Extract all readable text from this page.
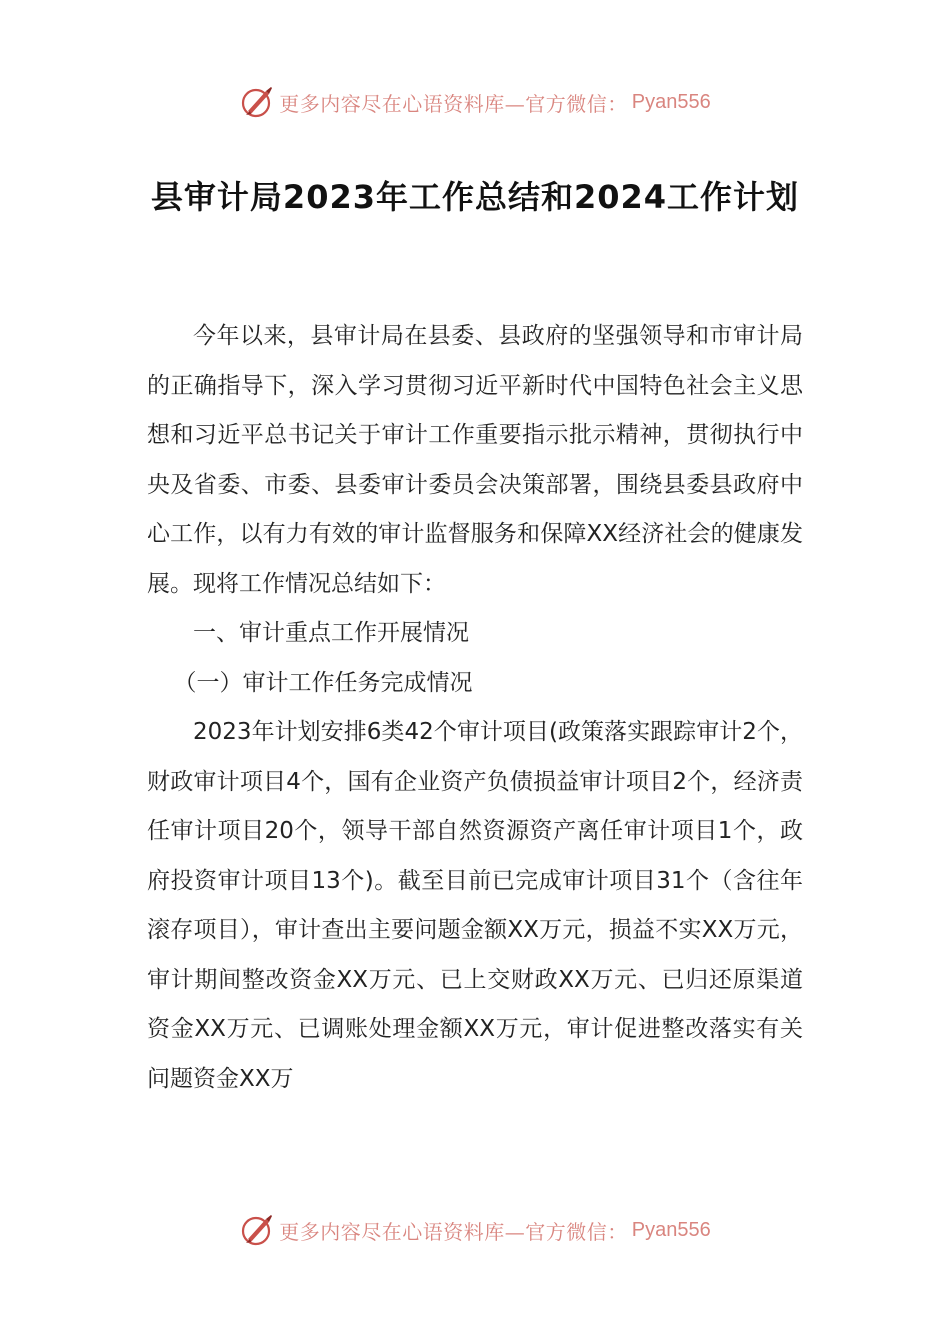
更多内容尽在心语资料库—官方微信： Pyan556
县审计局2023年工作总结和2024工作计划

今年以来，县审计局在县委、县政府的坚强领导和市审计局的正确指导下，深入学习贯彻习近平新时代中国特色社会主义思想和习近平总书记关于审计工作重要指示批示精神，贯彻执行中央及省委、市委、县委审计委员会决策部署，围绕县委县政府中心工作，以有力有效的审计监督服务和保障XX经济社会的健康发展。现将工作情况总结如下：

一、审计重点工作开展情况

（一）审计工作任务完成情况

2023年计划安排6类42个审计项目(政策落实跟踪审计2个，财政审计项目4个，国有企业资产负债损益审计项目2个，经济责任审计项目20个，领导干部自然资源资产离任审计项目1个，政府投资审计项目13个)。截至目前已完成审计项目31个（含往年滚存项目），审计查出主要问题金额XX万元，损益不实XX万元，审计期间整改资金XX万元、已上交财政XX万元、已归还原渠道资金XX万元、已调账处理金额XX万元，审计促进整改落实有关问题资金XX万

更多内容尽在心语资料库—官方微信： Pyan556
